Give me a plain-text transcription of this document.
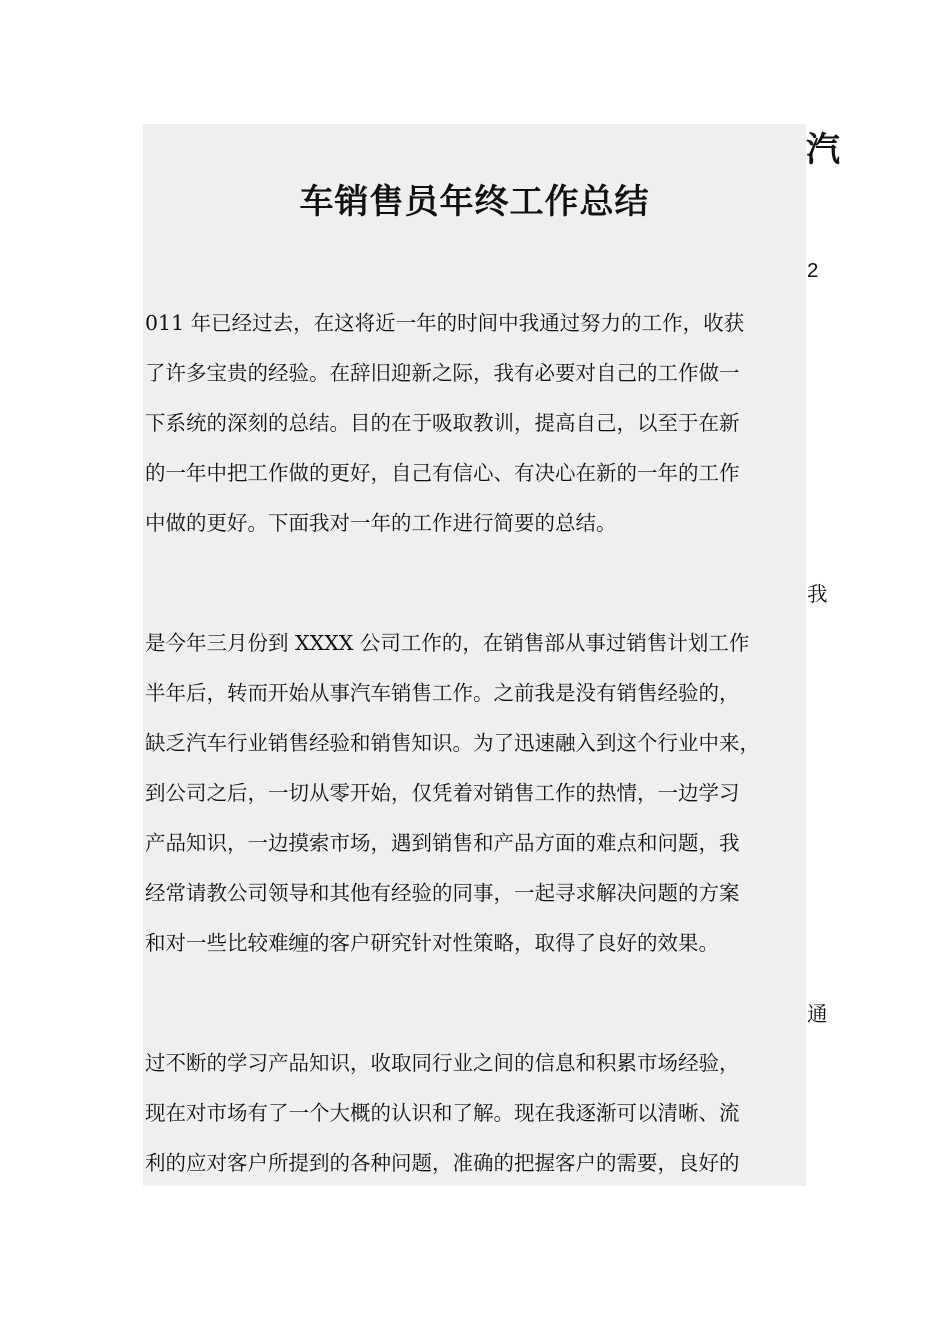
车销售员年终工作总结
011 年已经过去，在这将近一年的时间中我通过努力的工作，收获
了许多宝贵的经验。在辞旧迎新之际，我有必要对自己的工作做一
下系统的深刻的总结。目的在于吸取教训，提高自己，以至于在新
的一年中把工作做的更好，自己有信心、有决心在新的一年的工作
中做的更好。下面我对一年的工作进行简要的总结。
是今年三月份到 XXXX 公司工作的，在销售部从事过销售计划工作
半年后，转而开始从事汽车销售工作。之前我是没有销售经验的，
缺乏汽车行业销售经验和销售知识。为了迅速融入到这个行业中来，
到公司之后，一切从零开始，仅凭着对销售工作的热情，一边学习
产品知识，一边摸索市场，遇到销售和产品方面的难点和问题，我
经常请教公司领导和其他有经验的同事，一起寻求解决问题的方案
和对一些比较难缠的客户研究针对性策略，取得了良好的效果。
过不断的学习产品知识，收取同行业之间的信息和积累市场经验，
现在对市场有了一个大概的认识和了解。现在我逐渐可以清晰、流
利的应对客户所提到的各种问题，准确的把握客户的需要，良好的
汽
2
我
通
